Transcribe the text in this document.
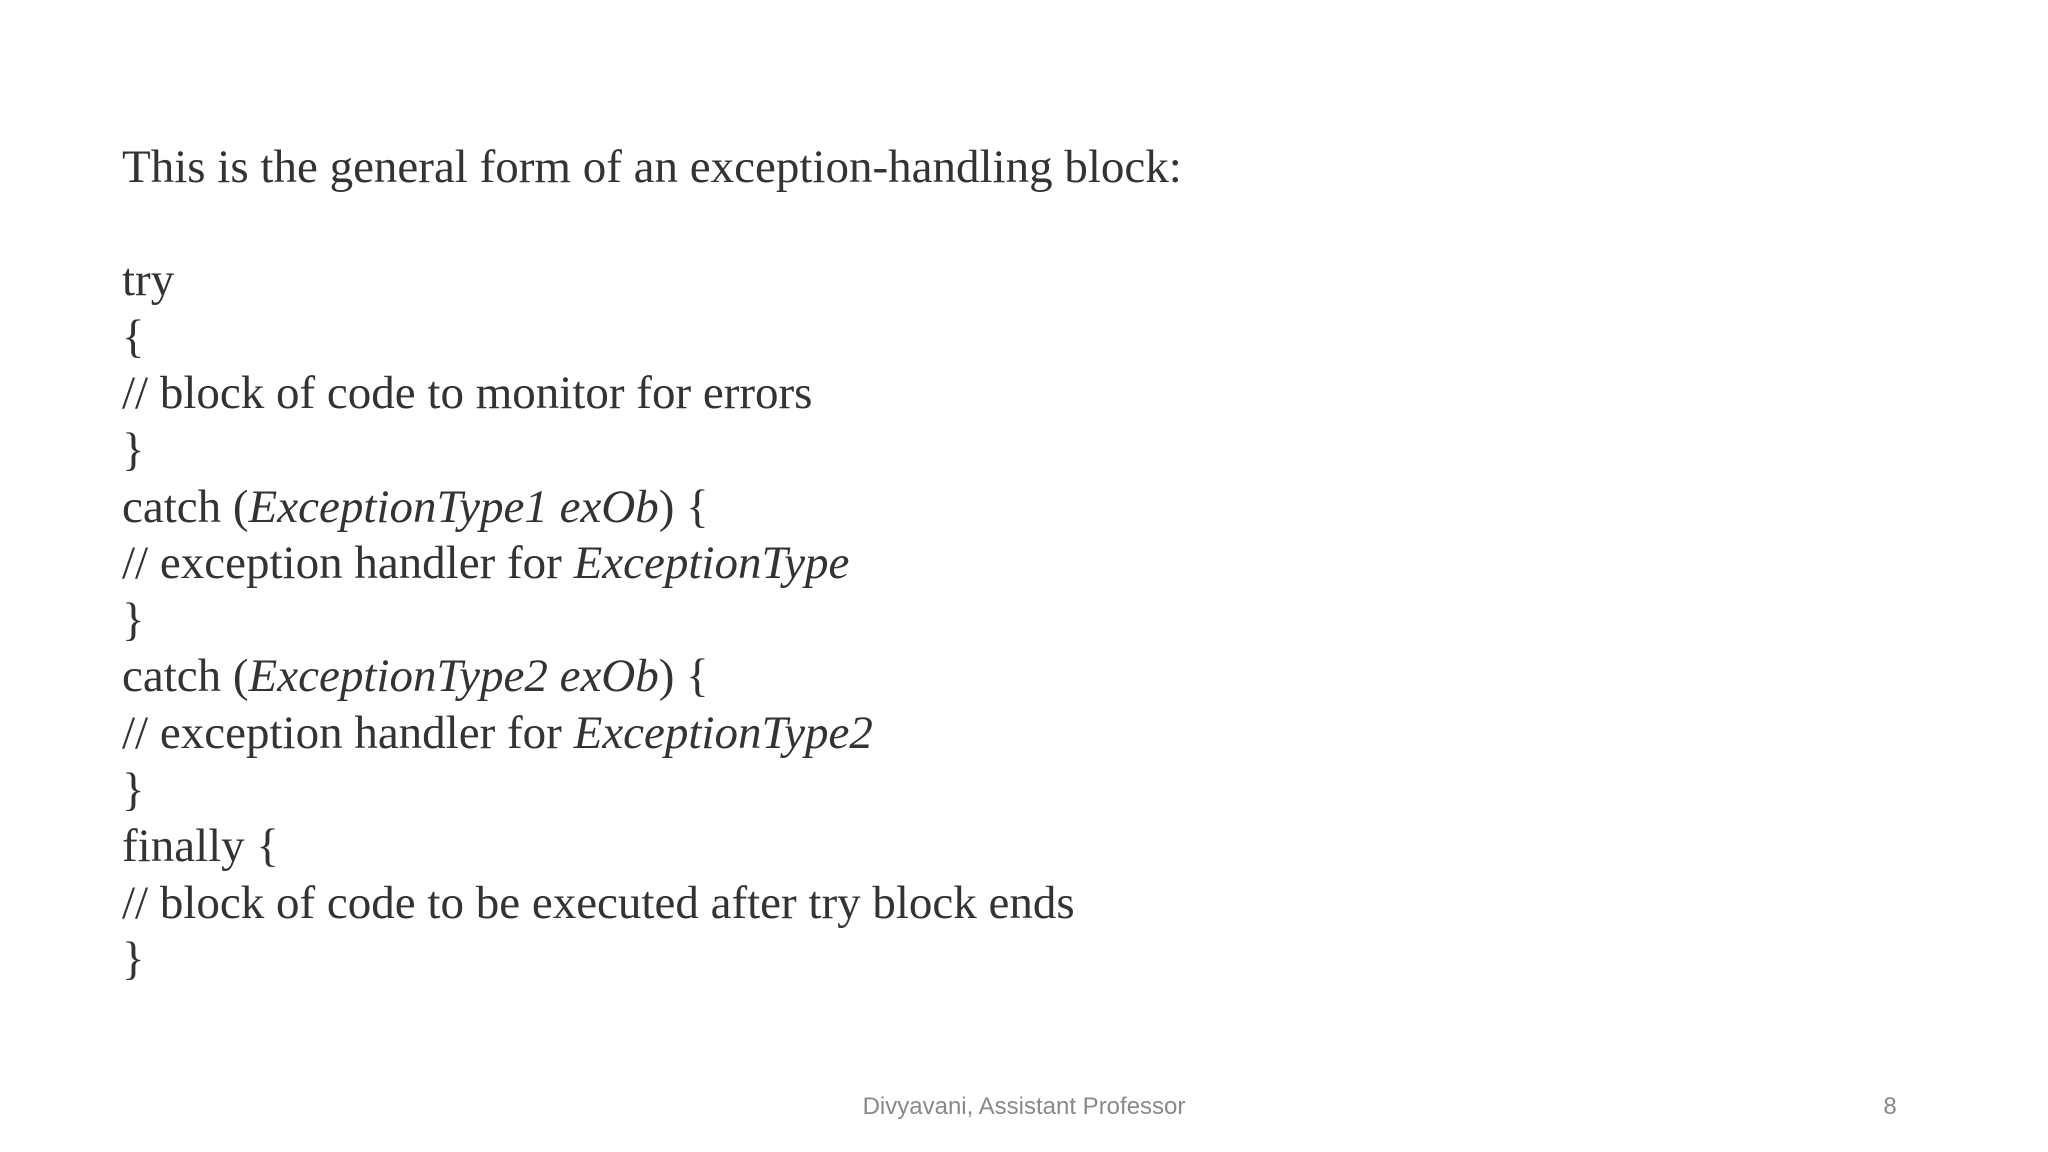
This is the general form of an exception-handling block:
try
{
// block of code to monitor for errors
}
catch (ExceptionType1 exOb) {
// exception handler for ExceptionType
}
catch (ExceptionType2 exOb) {
// exception handler for ExceptionType2
}
finally {
// block of code to be executed after try block ends
}
Divyavani, Assistant Professor	8
